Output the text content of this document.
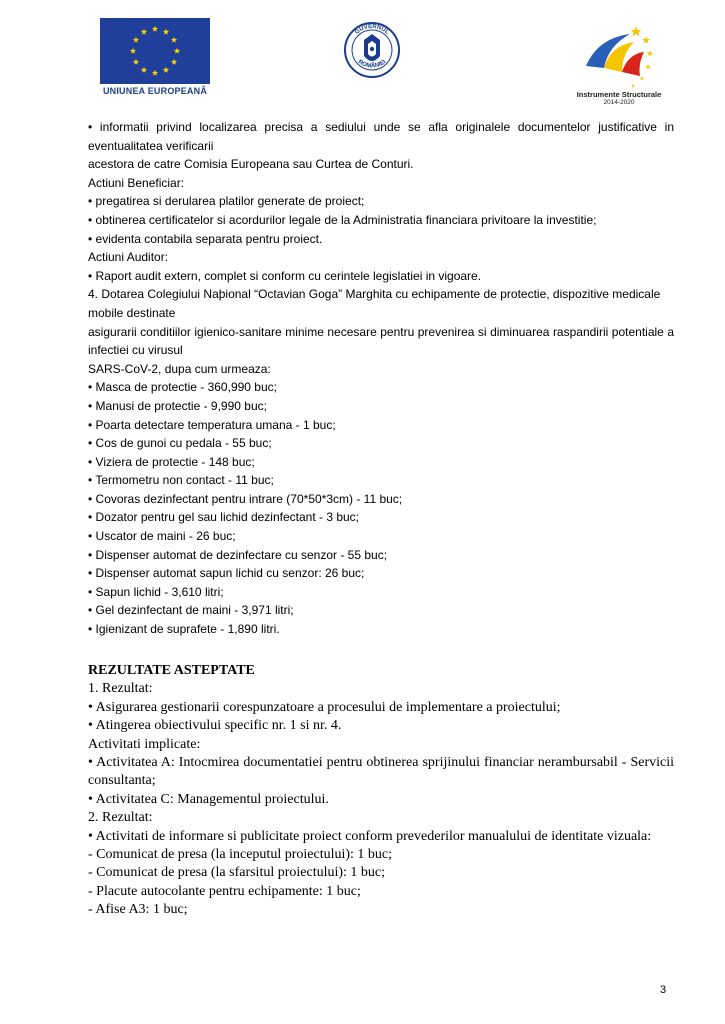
UNIUNEA EUROPEANĂ
GUVERNUL
ROMÂNIEI
Instrumente Structurale
2014-2020

• informatii privind localizarea precisa a sediului unde se afla originalele documentelor justificative in eventualitatea verificarii

acestora de catre Comisia Europeana sau Curtea de Conturi.

Actiuni Beneficiar:

• pregatirea si derularea platilor generate de proiect;

• obtinerea certificatelor si acordurilor legale de la Administratia financiara privitoare la investitie;

• evidenta contabila separata pentru proiect.

Actiuni Auditor:

• Raport audit extern, complet si conform cu cerintele legislatiei in vigoare.

4. Dotarea Colegiului Naþional “Octavian Goga” Marghita cu echipamente de protectie, dispozitive medicale mobile destinate

asigurarii conditiilor igienico-sanitare minime necesare pentru prevenirea si diminuarea raspandirii potentiale a infectiei cu virusul

SARS-CoV-2, dupa cum urmeaza:

• Masca de protectie - 360,990 buc;

• Manusi de protectie - 9,990 buc;

• Poarta detectare temperatura umana - 1 buc;

• Cos de gunoi cu pedala - 55 buc;

• Viziera de protectie - 148 buc;

• Termometru non contact - 11 buc;

• Covoras dezinfectant pentru intrare (70*50*3cm) - 11 buc;

• Dozator pentru gel sau lichid dezinfectant - 3 buc;

• Uscator de maini - 26 buc;

• Dispenser automat de dezinfectare cu senzor - 55 buc;

• Dispenser automat sapun lichid cu senzor: 26 buc;

• Sapun lichid - 3,610 litri;

• Gel dezinfectant de maini - 3,971 litri;

• Igienizant de suprafete - 1,890 litri.

REZULTATE ASTEPTATE

1. Rezultat:

• Asigurarea gestionarii corespunzatoare a procesului de implementare a proiectului;

• Atingerea obiectivului specific nr. 1 si nr. 4.

Activitati implicate:

• Activitatea A: Intocmirea documentatiei pentru obtinerea sprijinului financiar nerambursabil - Servicii consultanta;

• Activitatea C: Managementul proiectului.

2. Rezultat:

• Activitati de informare si publicitate proiect conform prevederilor manualului de identitate vizuala:

- Comunicat de presa (la inceputul proiectului): 1 buc;

- Comunicat de presa (la sfarsitul proiectului): 1 buc;

- Placute autocolante pentru echipamente: 1 buc;

- Afise A3: 1 buc;

3
